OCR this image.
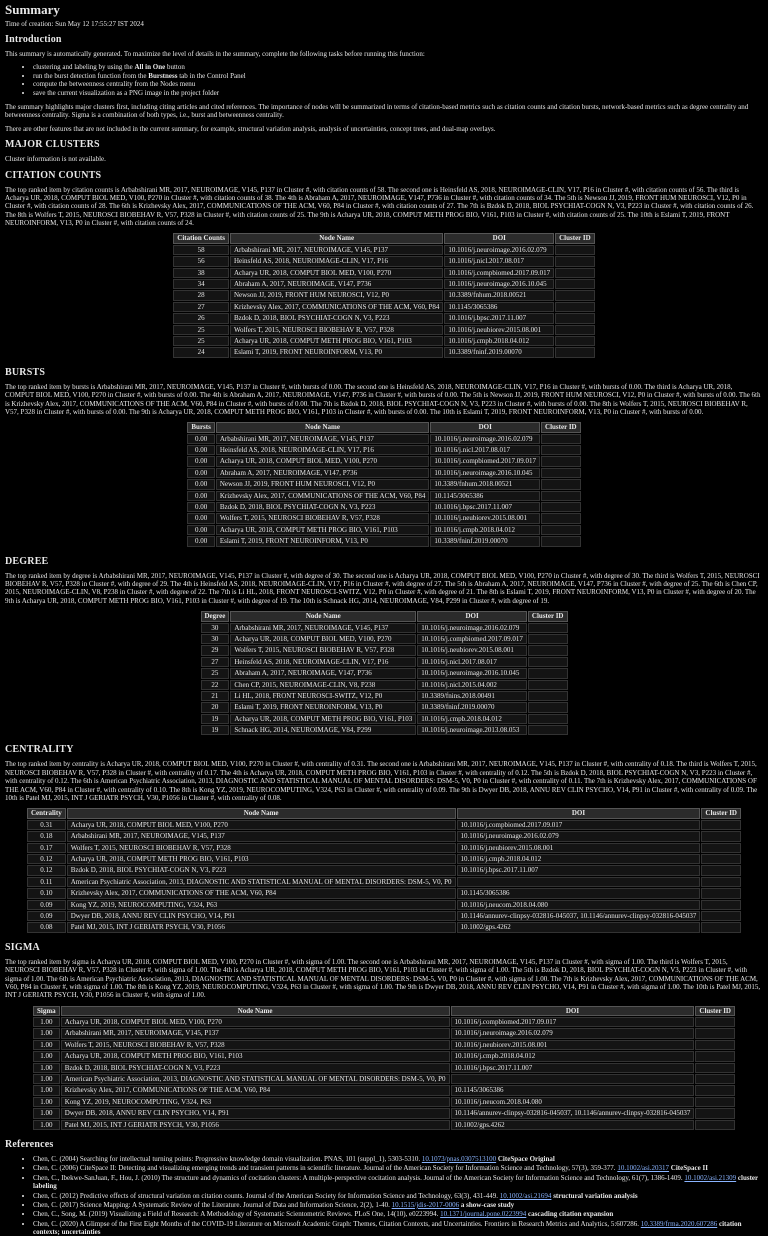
Summary
Time of creation: Sun May 12 17:55:27 IST 2024
Introduction

This summary is automatically generated. To maximize the level of details in the summary, complete the following tasks before running this function:

• clustering and labeling by using the All in One button
• run the burst detection function from the Burstness tab in the Control Panel
• compute the betweenness centrality from the Nodes menu
• save the current visualization as a PNG image in the project folder

The summary highlights major clusters first, including citing articles and cited references. The importance of nodes will be summarized in terms of citation-based metrics such as citation counts and citation bursts, network-based metrics such as degree centrality and betweenness centrality. Sigma is a combination of both types, i.e., burst and betweenness centrality.

There are other features that are not included in the current summary, for example, structural variation analysis, analysis of uncertainties, concept trees, and dual-map overlays.

MAJOR CLUSTERS

Cluster information is not available.

CITATION COUNTS

The top ranked item by citation counts is Arbabshirani MR, 2017, NEUROIMAGE, V145, P137 in Cluster #, with citation counts of 58. The second one is Heinsfeld AS, 2018, NEUROIMAGE-CLIN, V17, P16 in Cluster #, with citation counts of 56. The third is Acharya UR, 2018, COMPUT BIOL MED, V100, P270 in Cluster #, with citation counts of 38. The 4th is Abraham A, 2017, NEUROIMAGE, V147, P736 in Cluster #, with citation counts of 34. The 5th is Newson JJ, 2019, FRONT HUM NEUROSCI, V12, P0 in Cluster #, with citation counts of 28. The 6th is Krizhevsky Alex, 2017, COMMUNICATIONS OF THE ACM, V60, P84 in Cluster #, with citation counts of 27. The 7th is Bzdok D, 2018, BIOL PSYCHIAT-COGN N, V3, P223 in Cluster #, with citation counts of 26. The 8th is Wolfers T, 2015, NEUROSCI BIOBEHAV R, V57, P328 in Cluster #, with citation counts of 25. The 9th is Acharya UR, 2018, COMPUT METH PROG BIO, V161, P103 in Cluster #, with citation counts of 25. The 10th is Eslami T, 2019, FRONT NEUROINFORM, V13, P0 in Cluster #, with citation counts of 24.

Citation Counts	Node Name	DOI	Cluster ID
58	Arbabshirani MR, 2017, NEUROIMAGE, V145, P137	10.1016/j.neuroimage.2016.02.079	
56	Heinsfeld AS, 2018, NEUROIMAGE-CLIN, V17, P16	10.1016/j.nicl.2017.08.017	
38	Acharya UR, 2018, COMPUT BIOL MED, V100, P270	10.1016/j.compbiomed.2017.09.017	
34	Abraham A, 2017, NEUROIMAGE, V147, P736	10.1016/j.neuroimage.2016.10.045	
28	Newson JJ, 2019, FRONT HUM NEUROSCI, V12, P0	10.3389/fnhum.2018.00521	
27	Krizhevsky Alex, 2017, COMMUNICATIONS OF THE ACM, V60, P84	10.1145/3065386	
26	Bzdok D, 2018, BIOL PSYCHIAT-COGN N, V3, P223	10.1016/j.bpsc.2017.11.007	
25	Wolfers T, 2015, NEUROSCI BIOBEHAV R, V57, P328	10.1016/j.neubiorev.2015.08.001	
25	Acharya UR, 2018, COMPUT METH PROG BIO, V161, P103	10.1016/j.cmpb.2018.04.012	
24	Eslami T, 2019, FRONT NEUROINFORM, V13, P0	10.3389/fninf.2019.00070	
BURSTS

The top ranked item by bursts is Arbabshirani MR, 2017, NEUROIMAGE, V145, P137 in Cluster #, with bursts of 0.00. The second one is Heinsfeld AS, 2018, NEUROIMAGE-CLIN, V17, P16 in Cluster #, with bursts of 0.00. The third is Acharya UR, 2018, COMPUT BIOL MED, V100, P270 in Cluster #, with bursts of 0.00. The 4th is Abraham A, 2017, NEUROIMAGE, V147, P736 in Cluster #, with bursts of 0.00. The 5th is Newson JJ, 2019, FRONT HUM NEUROSCI, V12, P0 in Cluster #, with bursts of 0.00. The 6th is Krizhevsky Alex, 2017, COMMUNICATIONS OF THE ACM, V60, P84 in Cluster #, with bursts of 0.00. The 7th is Bzdok D, 2018, BIOL PSYCHIAT-COGN N, V3, P223 in Cluster #, with bursts of 0.00. The 8th is Wolfers T, 2015, NEUROSCI BIOBEHAV R, V57, P328 in Cluster #, with bursts of 0.00. The 9th is Acharya UR, 2018, COMPUT METH PROG BIO, V161, P103 in Cluster #, with bursts of 0.00. The 10th is Eslami T, 2019, FRONT NEUROINFORM, V13, P0 in Cluster #, with bursts of 0.00.

Bursts	Node Name	DOI	Cluster ID
0.00	Arbabshirani MR, 2017, NEUROIMAGE, V145, P137	10.1016/j.neuroimage.2016.02.079	
0.00	Heinsfeld AS, 2018, NEUROIMAGE-CLIN, V17, P16	10.1016/j.nicl.2017.08.017	
0.00	Acharya UR, 2018, COMPUT BIOL MED, V100, P270	10.1016/j.compbiomed.2017.09.017	
0.00	Abraham A, 2017, NEUROIMAGE, V147, P736	10.1016/j.neuroimage.2016.10.045	
0.00	Newson JJ, 2019, FRONT HUM NEUROSCI, V12, P0	10.3389/fnhum.2018.00521	
0.00	Krizhevsky Alex, 2017, COMMUNICATIONS OF THE ACM, V60, P84	10.1145/3065386	
0.00	Bzdok D, 2018, BIOL PSYCHIAT-COGN N, V3, P223	10.1016/j.bpsc.2017.11.007	
0.00	Wolfers T, 2015, NEUROSCI BIOBEHAV R, V57, P328	10.1016/j.neubiorev.2015.08.001	
0.00	Acharya UR, 2018, COMPUT METH PROG BIO, V161, P103	10.1016/j.cmpb.2018.04.012	
0.00	Eslami T, 2019, FRONT NEUROINFORM, V13, P0	10.3389/fninf.2019.00070	
DEGREE

The top ranked item by degree is Arbabshirani MR, 2017, NEUROIMAGE, V145, P137 in Cluster #, with degree of 30. The second one is Acharya UR, 2018, COMPUT BIOL MED, V100, P270 in Cluster #, with degree of 30. The third is Wolfers T, 2015, NEUROSCI BIOBEHAV R, V57, P328 in Cluster #, with degree of 29. The 4th is Heinsfeld AS, 2018, NEUROIMAGE-CLIN, V17, P16 in Cluster #, with degree of 27. The 5th is Abraham A, 2017, NEUROIMAGE, V147, P736 in Cluster #, with degree of 25. The 6th is Chen CP, 2015, NEUROIMAGE-CLIN, V8, P238 in Cluster #, with degree of 22. The 7th is Li HL, 2018, FRONT NEUROSCI-SWITZ, V12, P0 in Cluster #, with degree of 21. The 8th is Eslami T, 2019, FRONT NEUROINFORM, V13, P0 in Cluster #, with degree of 20. The 9th is Acharya UR, 2018, COMPUT METH PROG BIO, V161, P103 in Cluster #, with degree of 19. The 10th is Schnack HG, 2014, NEUROIMAGE, V84, P299 in Cluster #, with degree of 19.

Degree	Node Name	DOI	Cluster ID
30	Arbabshirani MR, 2017, NEUROIMAGE, V145, P137	10.1016/j.neuroimage.2016.02.079	
30	Acharya UR, 2018, COMPUT BIOL MED, V100, P270	10.1016/j.compbiomed.2017.09.017	
29	Wolfers T, 2015, NEUROSCI BIOBEHAV R, V57, P328	10.1016/j.neubiorev.2015.08.001	
27	Heinsfeld AS, 2018, NEUROIMAGE-CLIN, V17, P16	10.1016/j.nicl.2017.08.017	
25	Abraham A, 2017, NEUROIMAGE, V147, P736	10.1016/j.neuroimage.2016.10.045	
22	Chen CP, 2015, NEUROIMAGE-CLIN, V8, P238	10.1016/j.nicl.2015.04.002	
21	Li HL, 2018, FRONT NEUROSCI-SWITZ, V12, P0	10.3389/fnins.2018.00491	
20	Eslami T, 2019, FRONT NEUROINFORM, V13, P0	10.3389/fninf.2019.00070	
19	Acharya UR, 2018, COMPUT METH PROG BIO, V161, P103	10.1016/j.cmpb.2018.04.012	
19	Schnack HG, 2014, NEUROIMAGE, V84, P299	10.1016/j.neuroimage.2013.08.053	
CENTRALITY

The top ranked item by centrality is Acharya UR, 2018, COMPUT BIOL MED, V100, P270 in Cluster #, with centrality of 0.31. The second one is Arbabshirani MR, 2017, NEUROIMAGE, V145, P137 in Cluster #, with centrality of 0.18. The third is Wolfers T, 2015, NEUROSCI BIOBEHAV R, V57, P328 in Cluster #, with centrality of 0.17. The 4th is Acharya UR, 2018, COMPUT METH PROG BIO, V161, P103 in Cluster #, with centrality of 0.12. The 5th is Bzdok D, 2018, BIOL PSYCHIAT-COGN N, V3, P223 in Cluster #, with centrality of 0.12. The 6th is American Psychiatric Association, 2013, DIAGNOSTIC AND STATISTICAL MANUAL OF MENTAL DISORDERS: DSM-5, V0, P0 in Cluster #, with centrality of 0.11. The 7th is Krizhevsky Alex, 2017, COMMUNICATIONS OF THE ACM, V60, P84 in Cluster #, with centrality of 0.10. The 8th is Kong YZ, 2019, NEUROCOMPUTING, V324, P63 in Cluster #, with centrality of 0.09. The 9th is Dwyer DB, 2018, ANNU REV CLIN PSYCHO, V14, P91 in Cluster #, with centrality of 0.09. The 10th is Patel MJ, 2015, INT J GERIATR PSYCH, V30, P1056 in Cluster #, with centrality of 0.08.

Centrality	Node Name	DOI	Cluster ID
0.31	Acharya UR, 2018, COMPUT BIOL MED, V100, P270	10.1016/j.compbiomed.2017.09.017	
0.18	Arbabshirani MR, 2017, NEUROIMAGE, V145, P137	10.1016/j.neuroimage.2016.02.079	
0.17	Wolfers T, 2015, NEUROSCI BIOBEHAV R, V57, P328	10.1016/j.neubiorev.2015.08.001	
0.12	Acharya UR, 2018, COMPUT METH PROG BIO, V161, P103	10.1016/j.cmpb.2018.04.012	
0.12	Bzdok D, 2018, BIOL PSYCHIAT-COGN N, V3, P223	10.1016/j.bpsc.2017.11.007	
0.11	American Psychiatric Association, 2013, DIAGNOSTIC AND STATISTICAL MANUAL OF MENTAL DISORDERS: DSM-5, V0, P0		
0.10	Krizhevsky Alex, 2017, COMMUNICATIONS OF THE ACM, V60, P84	10.1145/3065386	
0.09	Kong YZ, 2019, NEUROCOMPUTING, V324, P63	10.1016/j.neucom.2018.04.080	
0.09	Dwyer DB, 2018, ANNU REV CLIN PSYCHO, V14, P91	10.1146/annurev-clinpsy-032816-045037, 10.1146/annurev-clinpsy-032816-045037	
0.08	Patel MJ, 2015, INT J GERIATR PSYCH, V30, P1056	10.1002/gps.4262	
SIGMA

The top ranked item by sigma is Acharya UR, 2018, COMPUT BIOL MED, V100, P270 in Cluster #, with sigma of 1.00. The second one is Arbabshirani MR, 2017, NEUROIMAGE, V145, P137 in Cluster #, with sigma of 1.00. The third is Wolfers T, 2015, NEUROSCI BIOBEHAV R, V57, P328 in Cluster #, with sigma of 1.00. The 4th is Acharya UR, 2018, COMPUT METH PROG BIO, V161, P103 in Cluster #, with sigma of 1.00. The 5th is Bzdok D, 2018, BIOL PSYCHIAT-COGN N, V3, P223 in Cluster #, with sigma of 1.00. The 6th is American Psychiatric Association, 2013, DIAGNOSTIC AND STATISTICAL MANUAL OF MENTAL DISORDERS: DSM-5, V0, P0 in Cluster #, with sigma of 1.00. The 7th is Krizhevsky Alex, 2017, COMMUNICATIONS OF THE ACM, V60, P84 in Cluster #, with sigma of 1.00. The 8th is Kong YZ, 2019, NEUROCOMPUTING, V324, P63 in Cluster #, with sigma of 1.00. The 9th is Dwyer DB, 2018, ANNU REV CLIN PSYCHO, V14, P91 in Cluster #, with sigma of 1.00. The 10th is Patel MJ, 2015, INT J GERIATR PSYCH, V30, P1056 in Cluster #, with sigma of 1.00.

Sigma	Node Name	DOI	Cluster ID
1.00	Acharya UR, 2018, COMPUT BIOL MED, V100, P270	10.1016/j.compbiomed.2017.09.017	
1.00	Arbabshirani MR, 2017, NEUROIMAGE, V145, P137	10.1016/j.neuroimage.2016.02.079	
1.00	Wolfers T, 2015, NEUROSCI BIOBEHAV R, V57, P328	10.1016/j.neubiorev.2015.08.001	
1.00	Acharya UR, 2018, COMPUT METH PROG BIO, V161, P103	10.1016/j.cmpb.2018.04.012	
1.00	Bzdok D, 2018, BIOL PSYCHIAT-COGN N, V3, P223	10.1016/j.bpsc.2017.11.007	
1.00	American Psychiatric Association, 2013, DIAGNOSTIC AND STATISTICAL MANUAL OF MENTAL DISORDERS: DSM-5, V0, P0		
1.00	Krizhevsky Alex, 2017, COMMUNICATIONS OF THE ACM, V60, P84	10.1145/3065386	
1.00	Kong YZ, 2019, NEUROCOMPUTING, V324, P63	10.1016/j.neucom.2018.04.080	
1.00	Dwyer DB, 2018, ANNU REV CLIN PSYCHO, V14, P91	10.1146/annurev-clinpsy-032816-045037, 10.1146/annurev-clinpsy-032816-045037	
1.00	Patel MJ, 2015, INT J GERIATR PSYCH, V30, P1056	10.1002/gps.4262	
References
• Chen, C. (2004) Searching for intellectual turning points: Progressive knowledge domain visualization. PNAS, 101 (suppl_1), 5303-5310. 10.1073/pnas.0307513100 CiteSpace Original
• Chen, C. (2006) CiteSpace II: Detecting and visualizing emerging trends and transient patterns in scientific literature. Journal of the American Society for Information Science and Technology, 57(3), 359-377. 10.1002/asi.20317 CiteSpace II
• Chen, C., Ibekwe-SanJuan, F., Hou, J. (2010) The structure and dynamics of cocitation clusters: A multiple-perspective cocitation analysis. Journal of the American Society for Information Science and Technology, 61(7), 1386-1409. 10.1002/asi.21309 cluster labeling
• Chen, C. (2012) Predictive effects of structural variation on citation counts. Journal of the American Society for Information Science and Technology, 63(3), 431-449. 10.1002/asi.21694 structural variation analysis
• Chen, C. (2017) Science Mapping: A Systematic Review of the Literature. Journal of Data and Information Science, 2(2), 1-40. 10.1515/jdis-2017-0006 a show-case study
• Chen, C., Song, M. (2019) Visualizing a Field of Research: A Methodology of Systematic Scientometric Reviews. PLoS One, 14(10), e0223994. 10.1371/journal.pone.0223994 cascading citation expansion
• Chen, C. (2020) A Glimpse of the First Eight Months of the COVID-19 Literature on Microsoft Academic Graph: Themes, Citation Contexts, and Uncertainties. Frontiers in Research Metrics and Analytics, 5:607286. 10.3389/frma.2020.607286 citation contexts; uncertainties
